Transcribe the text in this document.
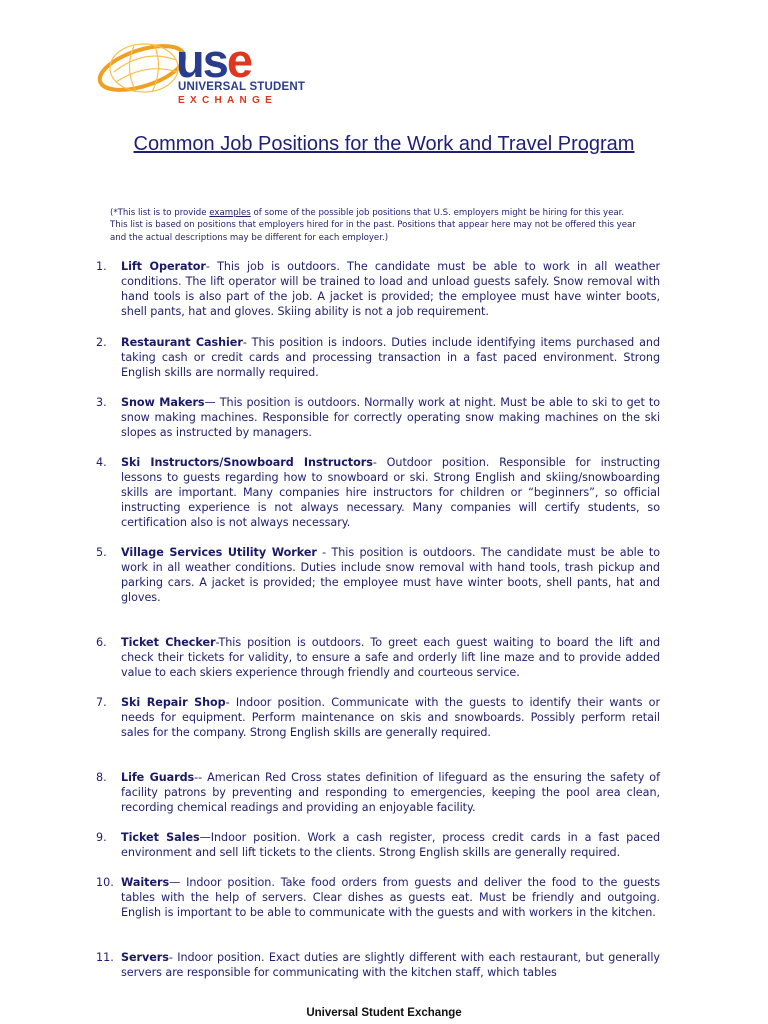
use
UNIVERSAL STUDENT
EXCHANGE
Common Job Positions for the Work and Travel Program
(*This list is to provide examples of some of the possible job positions that U.S. employers might be hiring for this year. This list is based on positions that employers hired for in the past. Positions that appear here may not be offered this year and the actual descriptions may be different for each employer.)
1.	Lift Operator- This job is outdoors. The candidate must be able to work in all weather conditions. The lift operator will be trained to load and unload guests safely. Snow removal with hand tools is also part of the job. A jacket is provided; the employee must have winter boots, shell pants, hat and gloves. Skiing ability is not a job requirement.
2.	Restaurant Cashier- This position is indoors. Duties include identifying items purchased and taking cash or credit cards and processing transaction in a fast paced environment. Strong English skills are normally required.
3.	Snow Makers— This position is outdoors. Normally work at night. Must be able to ski to get to snow making machines. Responsible for correctly operating snow making machines on the ski slopes as instructed by managers.
4.	Ski Instructors/Snowboard Instructors- Outdoor position. Responsible for instructing lessons to guests regarding how to snowboard or ski. Strong English and skiing/snowboarding skills are important. Many companies hire instructors for children or “beginners”, so official instructing experience is not always necessary. Many companies will certify students, so certification also is not always necessary.
5.	Village Services Utility Worker - This position is outdoors. The candidate must be able to work in all weather conditions. Duties include snow removal with hand tools, trash pickup and parking cars. A jacket is provided; the employee must have winter boots, shell pants, hat and gloves.
6.	Ticket Checker-This position is outdoors. To greet each guest waiting to board the lift and check their tickets for validity, to ensure a safe and orderly lift line maze and to provide added value to each skiers experience through friendly and courteous service.
7.	Ski Repair Shop- Indoor position. Communicate with the guests to identify their wants or needs for equipment. Perform maintenance on skis and snowboards. Possibly perform retail sales for the company. Strong English skills are generally required.
8.	Life Guards-- American Red Cross states definition of lifeguard as the ensuring the safety of facility patrons by preventing and responding to emergencies, keeping the pool area clean, recording chemical readings and providing an enjoyable facility.
9.	Ticket Sales—Indoor position. Work a cash register, process credit cards in a fast paced environment and sell lift tickets to the clients. Strong English skills are generally required.
10. Waiters— Indoor position. Take food orders from guests and deliver the food to the guests tables with the help of servers. Clear dishes as guests eat. Must be friendly and outgoing. English is important to be able to communicate with the guests and with workers in the kitchen.
11. Servers- Indoor position. Exact duties are slightly different with each restaurant, but generally servers are responsible for communicating with the kitchen staff, which tables
Universal Student Exchange
